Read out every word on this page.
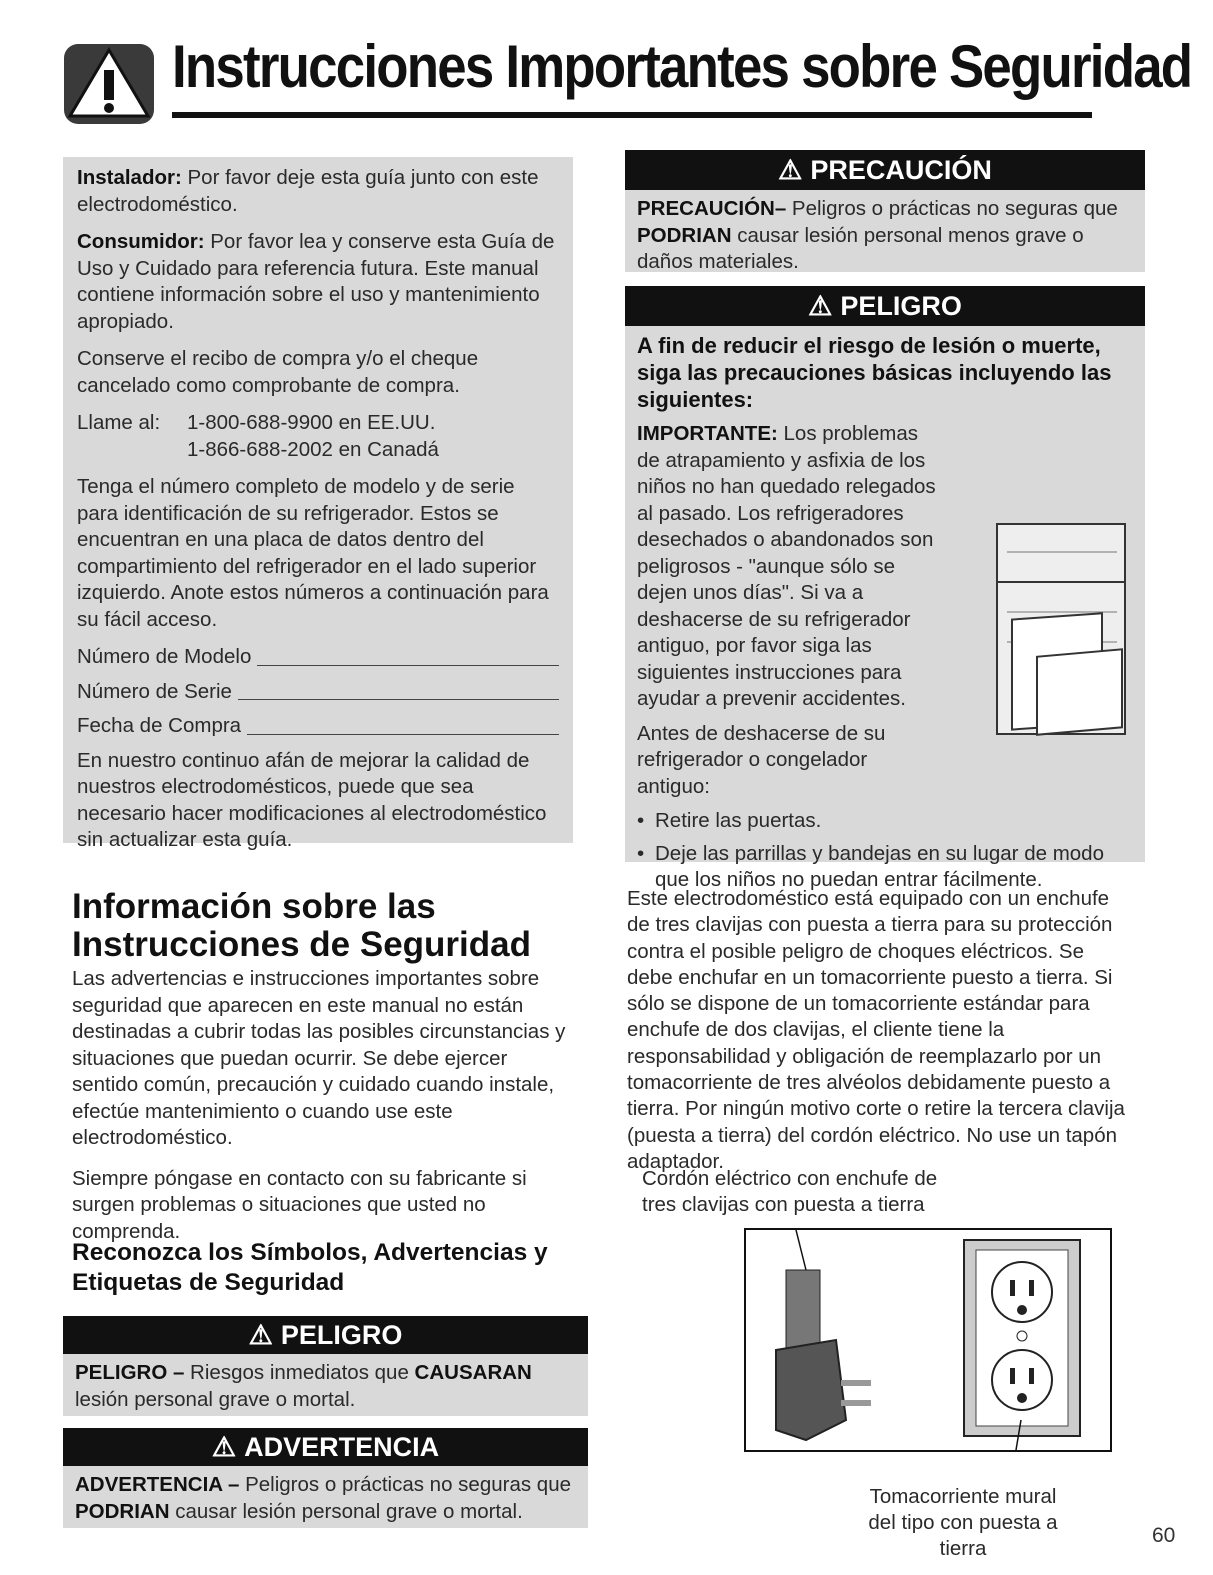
Instrucciones Importantes sobre Seguridad

Instalador: Por favor deje esta guía junto con este electrodoméstico.

Consumidor: Por favor lea y conserve esta Guía de Uso y Cuidado para referencia futura. Este manual contiene información sobre el uso y mantenimiento apropiado.

Conserve el recibo de compra y/o el cheque cancelado como comprobante de compra.

Llame al:	1-800-688-9900 en EE.UU.
1-866-688-2002 en Canadá

Tenga el número completo de modelo y de serie para identificación de su refrigerador. Estos se encuentran en una placa de datos dentro del compartimiento del refrigerador en el lado superior izquierdo. Anote estos números a continuación para su fácil acceso.

Número de Modelo
Número de Serie
Fecha de Compra

En nuestro continuo afán de mejorar la calidad de nuestros electrodomésticos, puede que sea necesario hacer modificaciones al electrodoméstico sin actualizar esta guía.

⚠ PRECAUCIÓN
PRECAUCIÓN– Peligros o prácticas no seguras que PODRIAN causar lesión personal menos grave o daños materiales.
⚠ PELIGRO

A fin de reducir el riesgo de lesión o muerte, siga las precauciones básicas incluyendo las siguientes:

IMPORTANTE: Los problemas de atrapamiento y asfixia de los niños no han quedado relegados al pasado. Los refrigeradores desechados o abandonados son peligrosos - "aunque sólo se dejen unos días". Si va a deshacerse de su refrigerador antiguo, por favor siga las siguientes instrucciones para ayudar a prevenir accidentes.

Antes de deshacerse de su refrigerador o congelador antiguo:

• Retire las puertas.
• Deje las parrillas y bandejas en su lugar de modo que los niños no puedan entrar fácilmente.
Información sobre las
Instrucciones de Seguridad

Las advertencias e instrucciones importantes sobre seguridad que aparecen en este manual no están destinadas a cubrir todas las posibles circunstancias y situaciones que puedan ocurrir. Se debe ejercer sentido común, precaución y cuidado cuando instale, efectúe mantenimiento o cuando use este electrodoméstico.

Siempre póngase en contacto con su fabricante si surgen problemas o situaciones que usted no comprenda.

Reconozca los Símbolos, Advertencias y Etiquetas de Seguridad
⚠ PELIGRO
PELIGRO – Riesgos inmediatos que CAUSARAN lesión personal grave o mortal.
⚠ ADVERTENCIA
ADVERTENCIA – Peligros o prácticas no seguras que PODRIAN causar lesión personal grave o mortal.
Este electrodoméstico está equipado con un enchufe de tres clavijas con puesta a tierra para su protección contra el posible peligro de choques eléctricos. Se debe enchufar en un tomacorriente puesto a tierra. Si sólo se dispone de un tomacorriente estándar para enchufe de dos clavijas, el cliente tiene la responsabilidad y obligación de reemplazarlo por un tomacorriente de tres alvéolos debidamente puesto a tierra. Por ningún motivo corte o retire la tercera clavija (puesta a tierra) del cordón eléctrico. No use un tapón adaptador.
Cordón eléctrico con enchufe de tres clavijas con puesta a tierra
Tomacorriente mural del tipo con puesta a tierra
60
